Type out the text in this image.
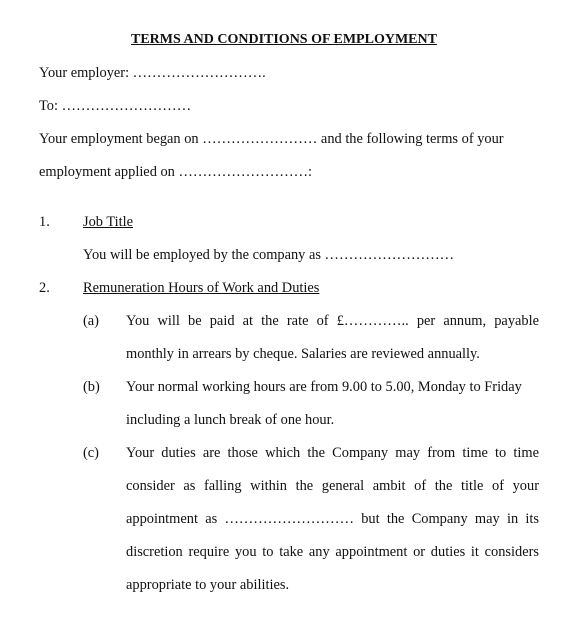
TERMS AND CONDITIONS OF EMPLOYMENT
Your employer: ……………………….
To: ………………………
Your employment began on …………………… and the following terms of your
employment applied on ………………………:
1. Job Title
You will be employed by the company as ………………………
2. Remuneration Hours of Work and Duties
(a) You will be paid at the rate of £………….. per annum, payable
monthly in arrears by cheque. Salaries are reviewed annually.
(b) Your normal working hours are from 9.00 to 5.00, Monday to Friday
including a lunch break of one hour.
(c) Your duties are those which the Company may from time to time
consider as falling within the general ambit of the title of your
appointment as ……………………… but the Company may in its
discretion require you to take any appointment or duties it considers
appropriate to your abilities.
